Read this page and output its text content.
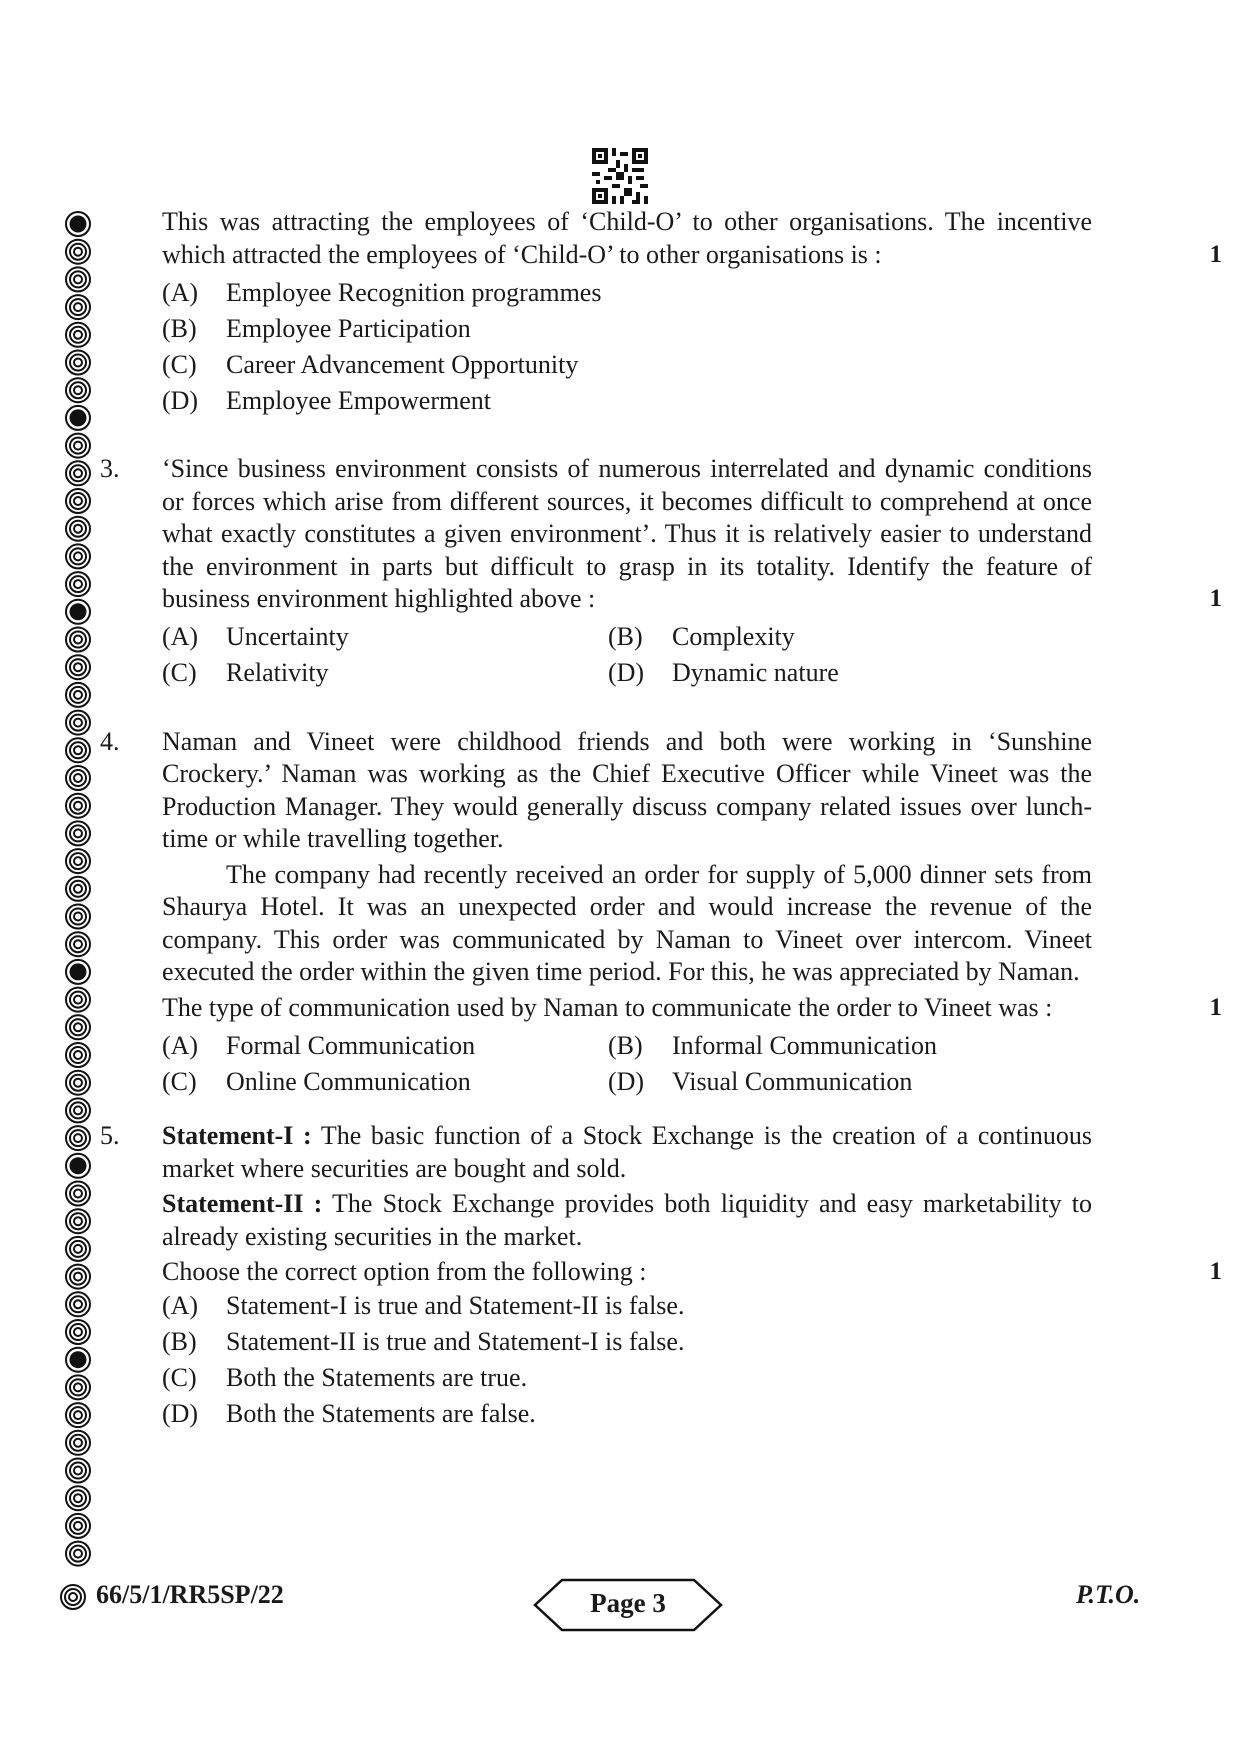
This was attracting the employees of ‘Child-O’ to other organisations. The incentive which attracted the employees of ‘Child-O’ to other organisations is :	1
(A)	Employee Recognition programmes
(B)	Employee Participation
(C)	Career Advancement Opportunity
(D)	Employee Empowerment
3. ‘Since business environment consists of numerous interrelated and dynamic conditions or forces which arise from different sources, it becomes difficult to comprehend at once what exactly constitutes a given environment’. Thus it is relatively easier to understand the environment in parts but difficult to grasp in its totality. Identify the feature of business environment highlighted above :	1
(A)	Uncertainty	(B)	Complexity
(C)	Relativity	(D)	Dynamic nature
4. Naman and Vineet were childhood friends and both were working in ‘Sunshine Crockery.’ Naman was working as the Chief Executive Officer while Vineet was the Production Manager. They would generally discuss company related issues over lunch-time or while travelling together.
The company had recently received an order for supply of 5,000 dinner sets from Shaurya Hotel. It was an unexpected order and would increase the revenue of the company. This order was communicated by Naman to Vineet over intercom. Vineet executed the order within the given time period. For this, he was appreciated by Naman.
The type of communication used by Naman to communicate the order to Vineet was :	1
(A)	Formal Communication	(B)	Informal Communication
(C)	Online Communication	(D)	Visual Communication
5. Statement-I : The basic function of a Stock Exchange is the creation of a continuous market where securities are bought and sold.
Statement-II : The Stock Exchange provides both liquidity and easy marketability to already existing securities in the market.
Choose the correct option from the following :	1
(A)	Statement-I is true and Statement-II is false.
(B)	Statement-II is true and Statement-I is false.
(C)	Both the Statements are true.
(D)	Both the Statements are false.
66/5/1/RR5SP/22	Page 3	P.T.O.
